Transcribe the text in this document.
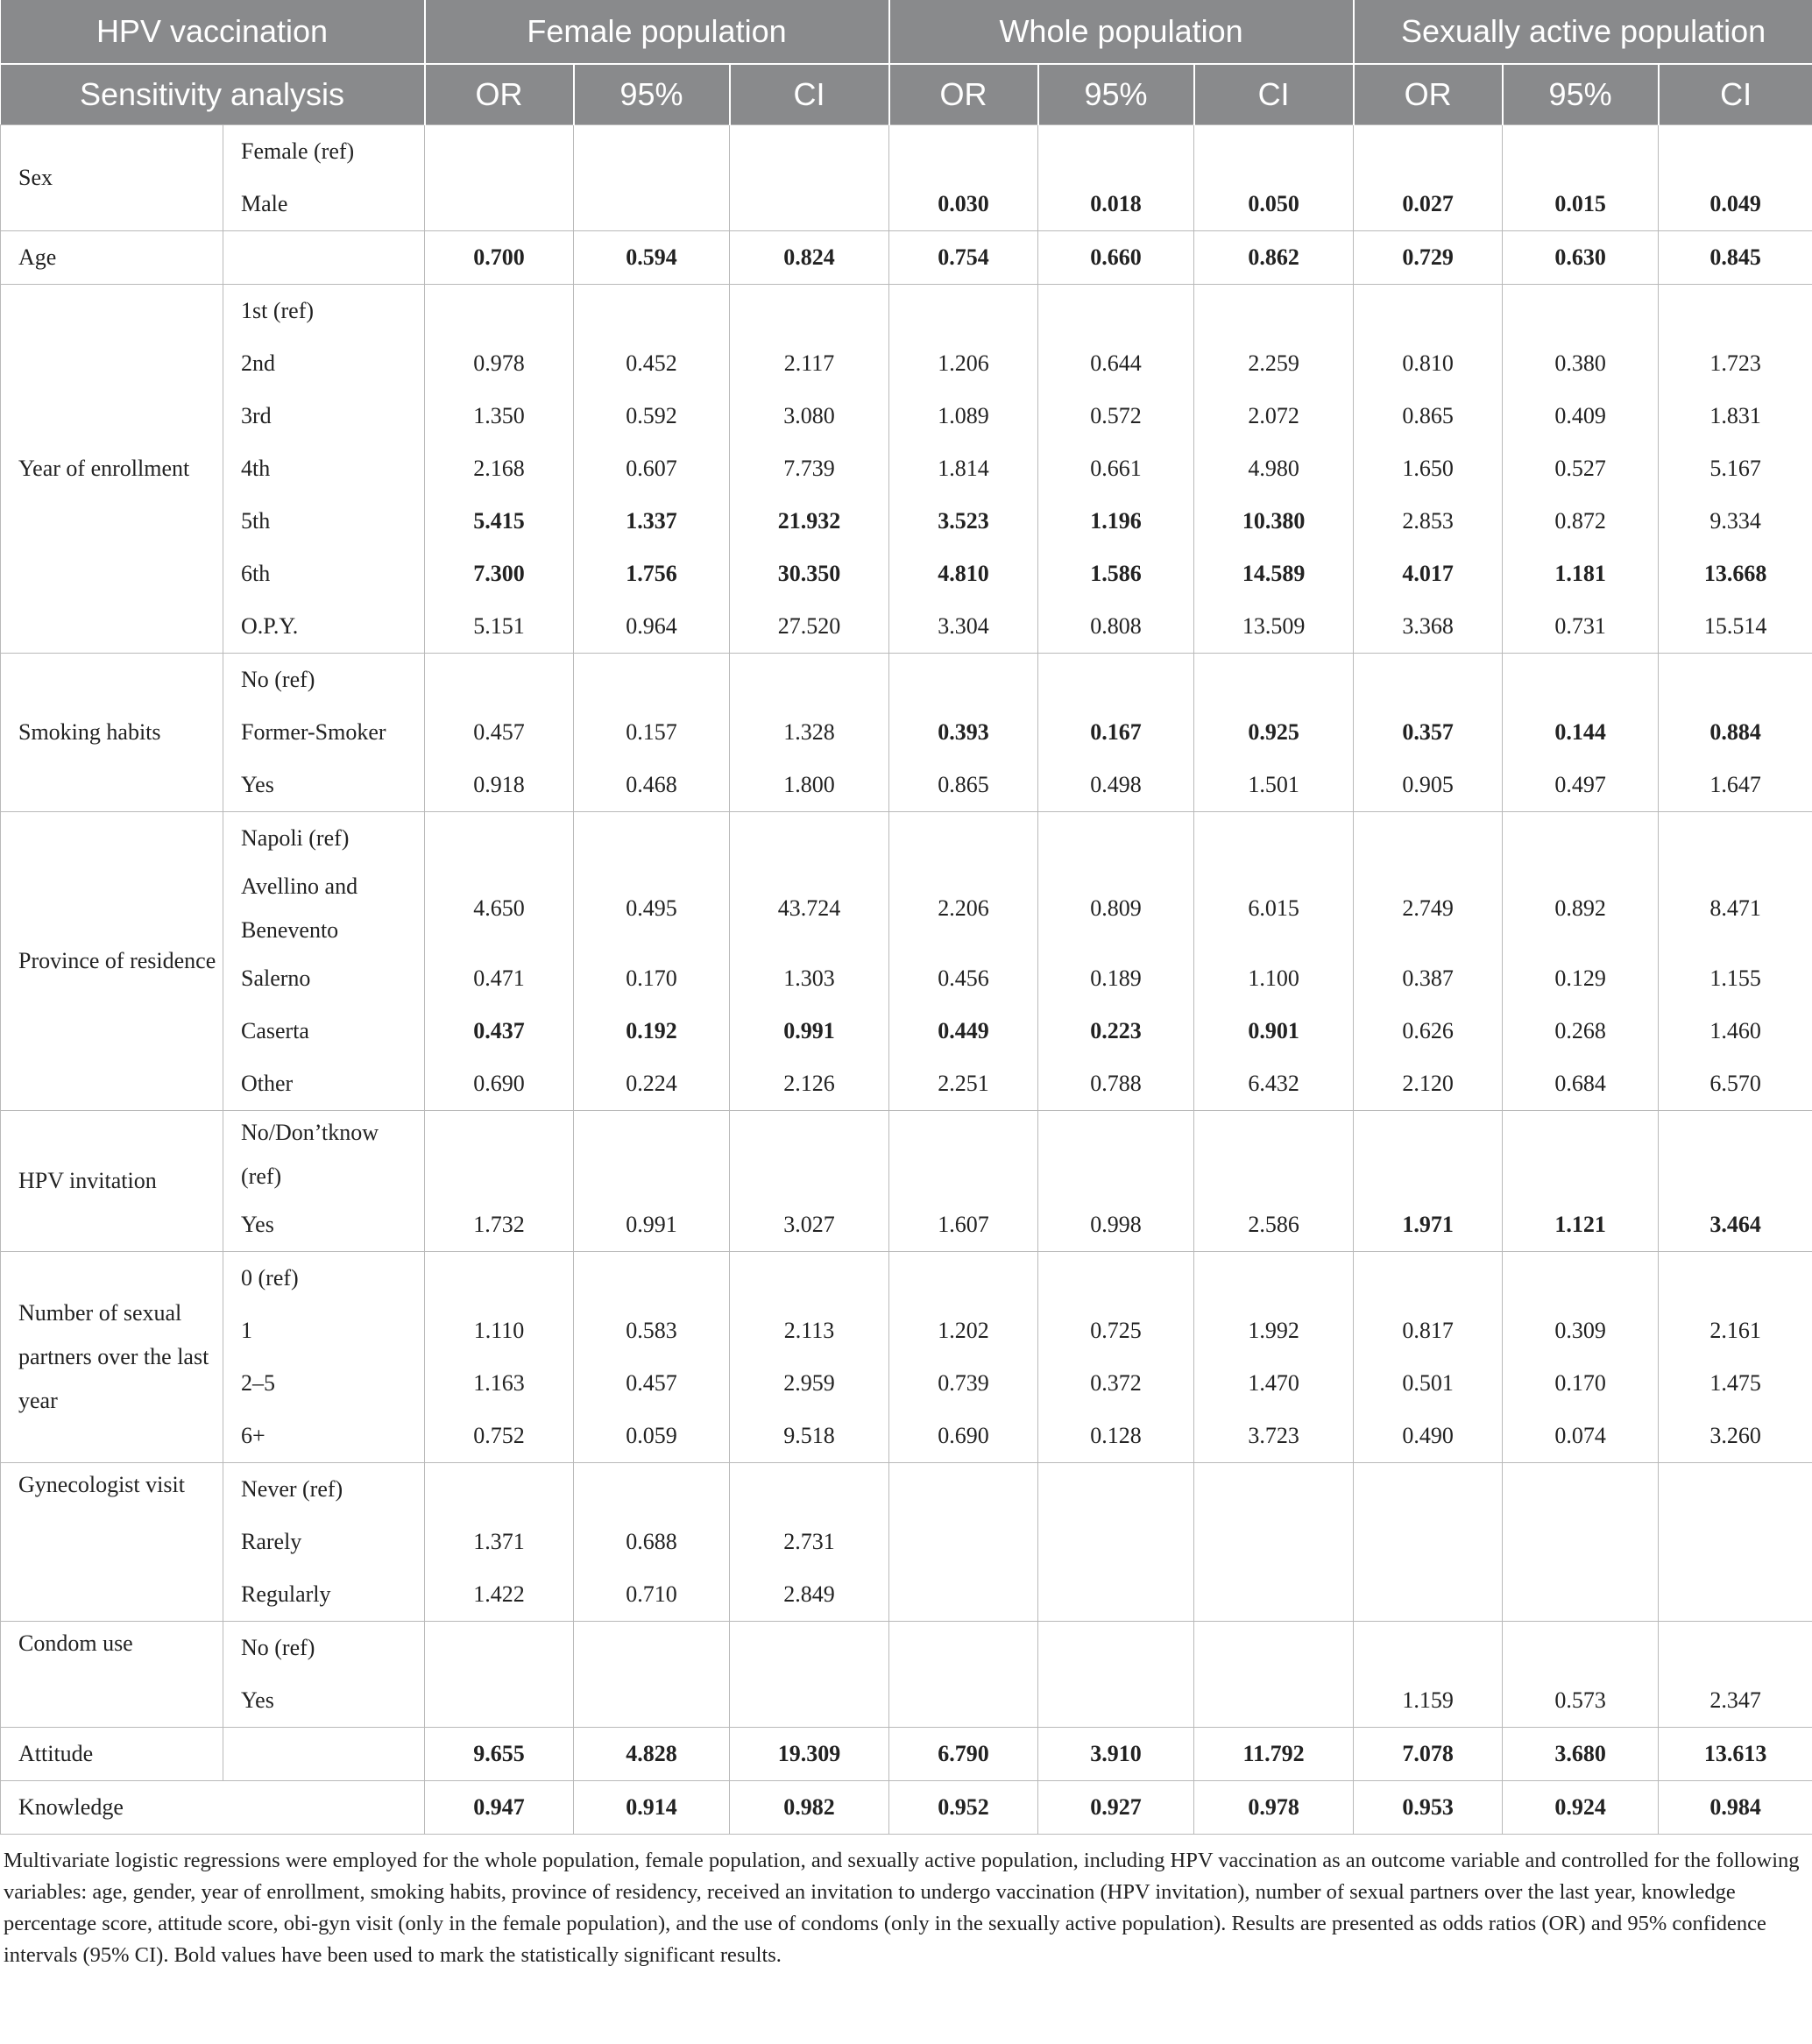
HPV vaccination		Female population			Whole population			Sexually active population		
Sensitivity analysis		OR	95%	CI	OR	95%	CI	OR	95%	CI
Sex	Female (ref)									
	Male				0.030	0.018	0.050	0.027	0.015	0.049
Age		0.700	0.594	0.824	0.754	0.660	0.862	0.729	0.630	0.845
Year of enrollment	1st (ref)									
	2nd	0.978	0.452	2.117	1.206	0.644	2.259	0.810	0.380	1.723
	3rd	1.350	0.592	3.080	1.089	0.572	2.072	0.865	0.409	1.831
	4th	2.168	0.607	7.739	1.814	0.661	4.980	1.650	0.527	5.167
	5th	5.415	1.337	21.932	3.523	1.196	10.380	2.853	0.872	9.334
	6th	7.300	1.756	30.350	4.810	1.586	14.589	4.017	1.181	13.668
	O.P.Y.	5.151	0.964	27.520	3.304	0.808	13.509	3.368	0.731	15.514
Smoking habits	No (ref)									
	Former-Smoker	0.457	0.157	1.328	0.393	0.167	0.925	0.357	0.144	0.884
	Yes	0.918	0.468	1.800	0.865	0.498	1.501	0.905	0.497	1.647
Province of residence	Napoli (ref)									
	Avellino and Benevento	4.650	0.495	43.724	2.206	0.809	6.015	2.749	0.892	8.471
	Salerno	0.471	0.170	1.303	0.456	0.189	1.100	0.387	0.129	1.155
	Caserta	0.437	0.192	0.991	0.449	0.223	0.901	0.626	0.268	1.460
	Other	0.690	0.224	2.126	2.251	0.788	6.432	2.120	0.684	6.570
HPV invitation	No/Don’tknow (ref)									
	Yes	1.732	0.991	3.027	1.607	0.998	2.586	1.971	1.121	3.464
Number of sexual partners over the last year	0 (ref)									
	1	1.110	0.583	2.113	1.202	0.725	1.992	0.817	0.309	2.161
	2–5	1.163	0.457	2.959	0.739	0.372	1.470	0.501	0.170	1.475
	6+	0.752	0.059	9.518	0.690	0.128	3.723	0.490	0.074	3.260
Gynecologist visit	Never (ref)									
	Rarely	1.371	0.688	2.731						
	Regularly	1.422	0.710	2.849						
Condom use	No (ref)									
	Yes							1.159	0.573	2.347
Attitude		9.655	4.828	19.309	6.790	3.910	11.792	7.078	3.680	13.613
Knowledge		0.947	0.914	0.982	0.952	0.927	0.978	0.953	0.924	0.984
Multivariate logistic regressions were employed for the whole population, female population, and sexually active population, including HPV vaccination as an outcome variable and controlled for the following variables: age, gender, year of enrollment, smoking habits, province of residency, received an invitation to undergo vaccination (HPV invitation), number of sexual partners over the last year, knowledge percentage score, attitude score, obi-gyn visit (only in the female population), and the use of condoms (only in the sexually active population). Results are presented as odds ratios (OR) and 95% confidence intervals (95% CI). Bold values have been used to mark the statistically significant results.
